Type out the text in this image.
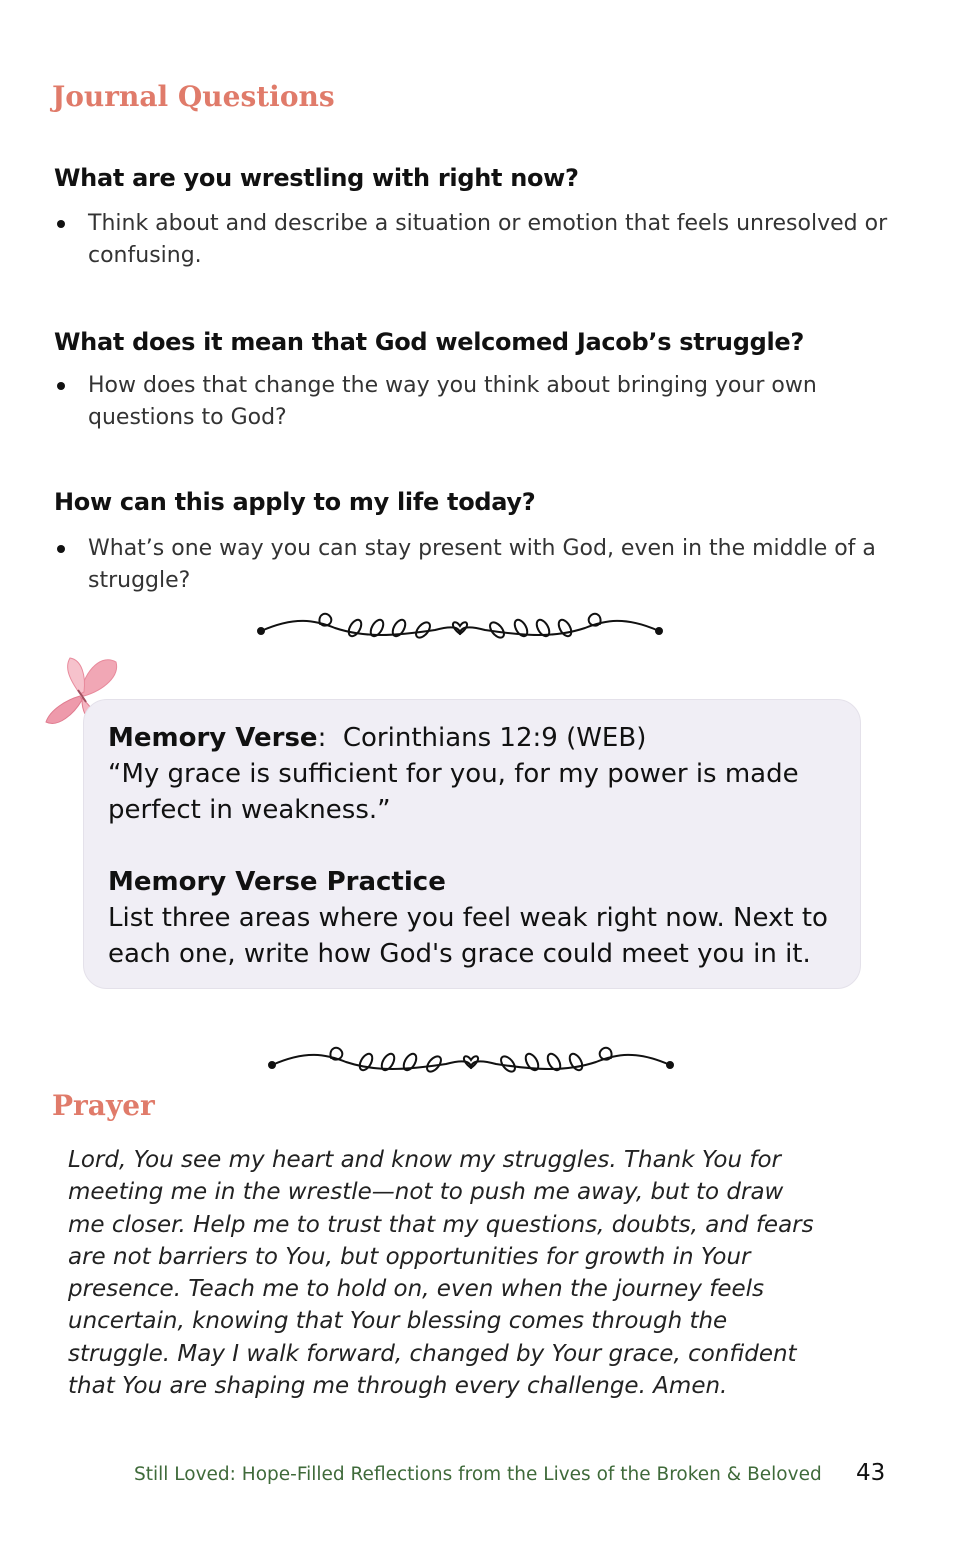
Journal Questions
What are you wrestling with right now?
Think about and describe a situation or emotion that feels unresolved or confusing.
What does it mean that God welcomed Jacob’s struggle?
How does that change the way you think about bringing your own questions to God?
How can this apply to my life today?
What’s one way you can stay present with God, even in the middle of a struggle?

Memory Verse:  Corinthians 12:9 (WEB)

“My grace is sufficient for you, for my power is made

perfect in weakness.”

Memory Verse Practice

List three areas where you feel weak right now. Next to

each one, write how God's grace could meet you in it.

Prayer
Lord, You see my heart and know my struggles. Thank You for
meeting me in the wrestle—not to push me away, but to draw
me closer. Help me to trust that my questions, doubts, and fears
are not barriers to You, but opportunities for growth in Your
presence. Teach me to hold on, even when the journey feels
uncertain, knowing that Your blessing comes through the
struggle. May I walk forward, changed by Your grace, confident
that You are shaping me through every challenge. Amen.
Still Loved: Hope-Filled Reflections from the Lives of the Broken & Beloved 43
